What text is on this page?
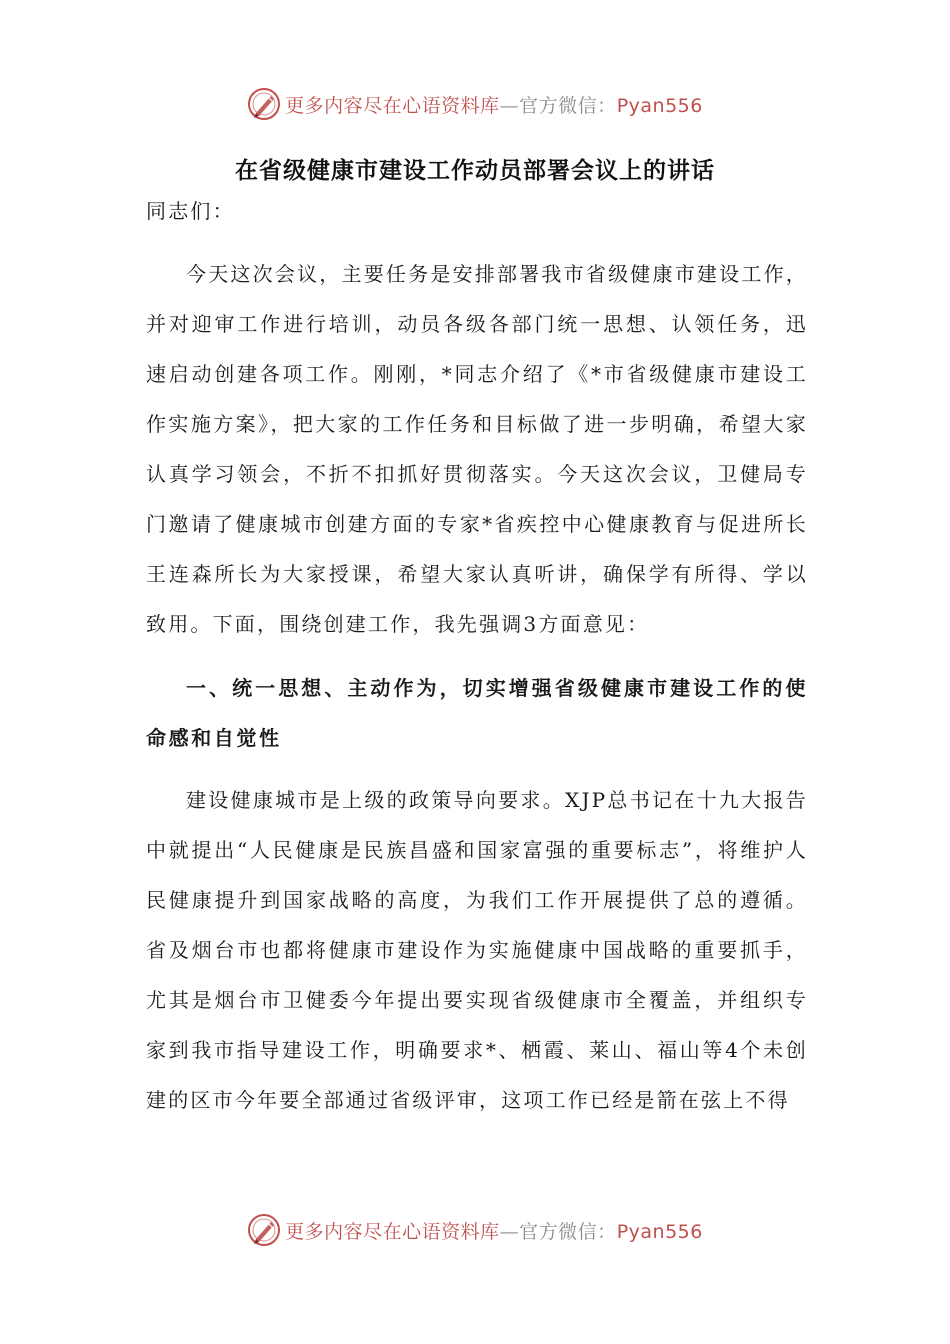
更多内容尽在心语资料库—官方微信：Pyan556
在省级健康市建设工作动员部署会议上的讲话

同志们：

今天这次会议，主要任务是安排部署我市省级健康市建设工作，并对迎审工作进行培训，动员各级各部门统一思想、认领任务，迅速启动创建各项工作。刚刚，*同志介绍了《*市省级健康市建设工作实施方案》，把大家的工作任务和目标做了进一步明确，希望大家认真学习领会，不折不扣抓好贯彻落实。今天这次会议，卫健局专门邀请了健康城市创建方面的专家*省疾控中心健康教育与促进所长王连森所长为大家授课，希望大家认真听讲，确保学有所得、学以致用。下面，围绕创建工作，我先强调3方面意见：

一、统一思想、主动作为，切实增强省级健康市建设工作的使命感和自觉性

建设健康城市是上级的政策导向要求。XJP总书记在十九大报告中就提出“人民健康是民族昌盛和国家富强的重要标志”，将维护人民健康提升到国家战略的高度，为我们工作开展提供了总的遵循。省及烟台市也都将健康市建设作为实施健康中国战略的重要抓手，尤其是烟台市卫健委今年提出要实现省级健康市全覆盖，并组织专家到我市指导建设工作，明确要求*、栖霞、莱山、福山等4个未创建的区市今年要全部通过省级评审，这项工作已经是箭在弦上不得

更多内容尽在心语资料库—官方微信：Pyan556
